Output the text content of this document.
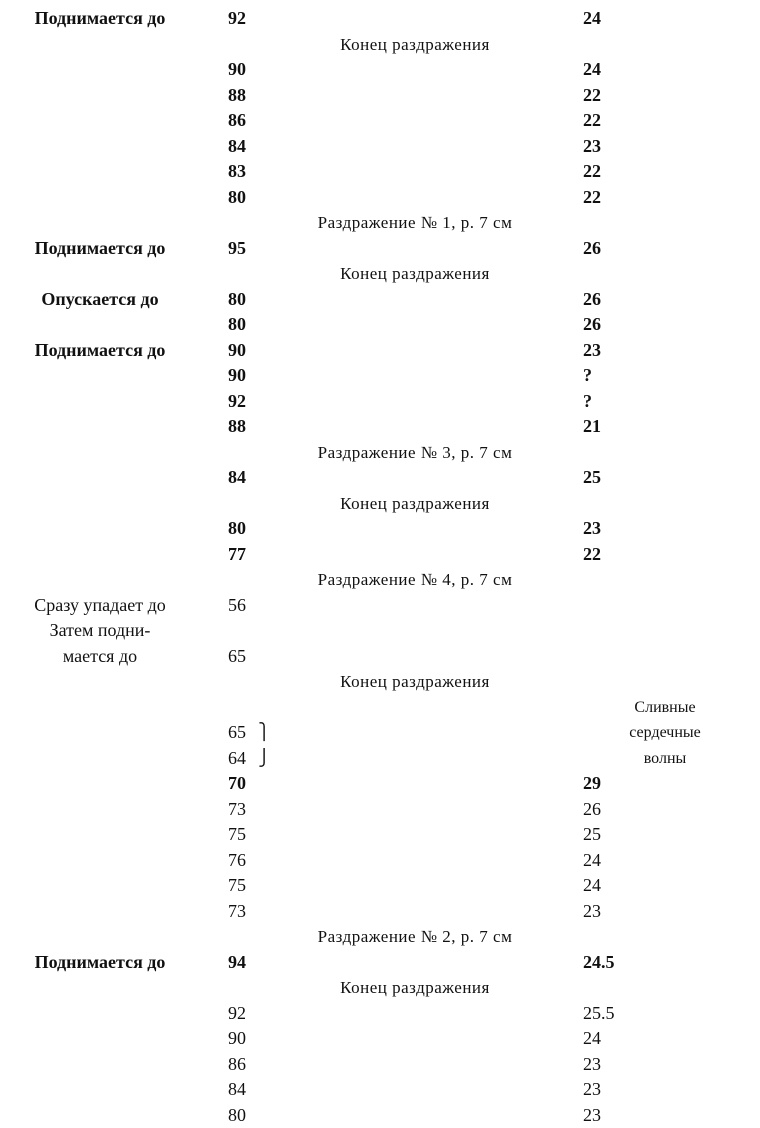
Поднимается до	92	24
Конец раздражения
90	24
88	22
86	22
84	23
83	22
80	22
Раздражение № 1, р. 7 см
Поднимается до	95	26
Конец раздражения
Опускается до	80	26
80	26
Поднимается до	90	23
90	?
92	?
88	21
Раздражение № 3, р. 7 см
84	25
Конец раздражения
80	23
77	22
Раздражение № 4, р. 7 см
Сразу упадает до	56
Затем подни-
мается до	65
Конец раздражения
Сливные
65 ⎫	сердечные
64 ⎭	волны
70	29
73	26
75	25
76	24
75	24
73	23
Раздражение № 2, р. 7 см
Поднимается до	94	24.5
Конец раздражения
92	25.5
90	24
86	23
84	23
80	23
